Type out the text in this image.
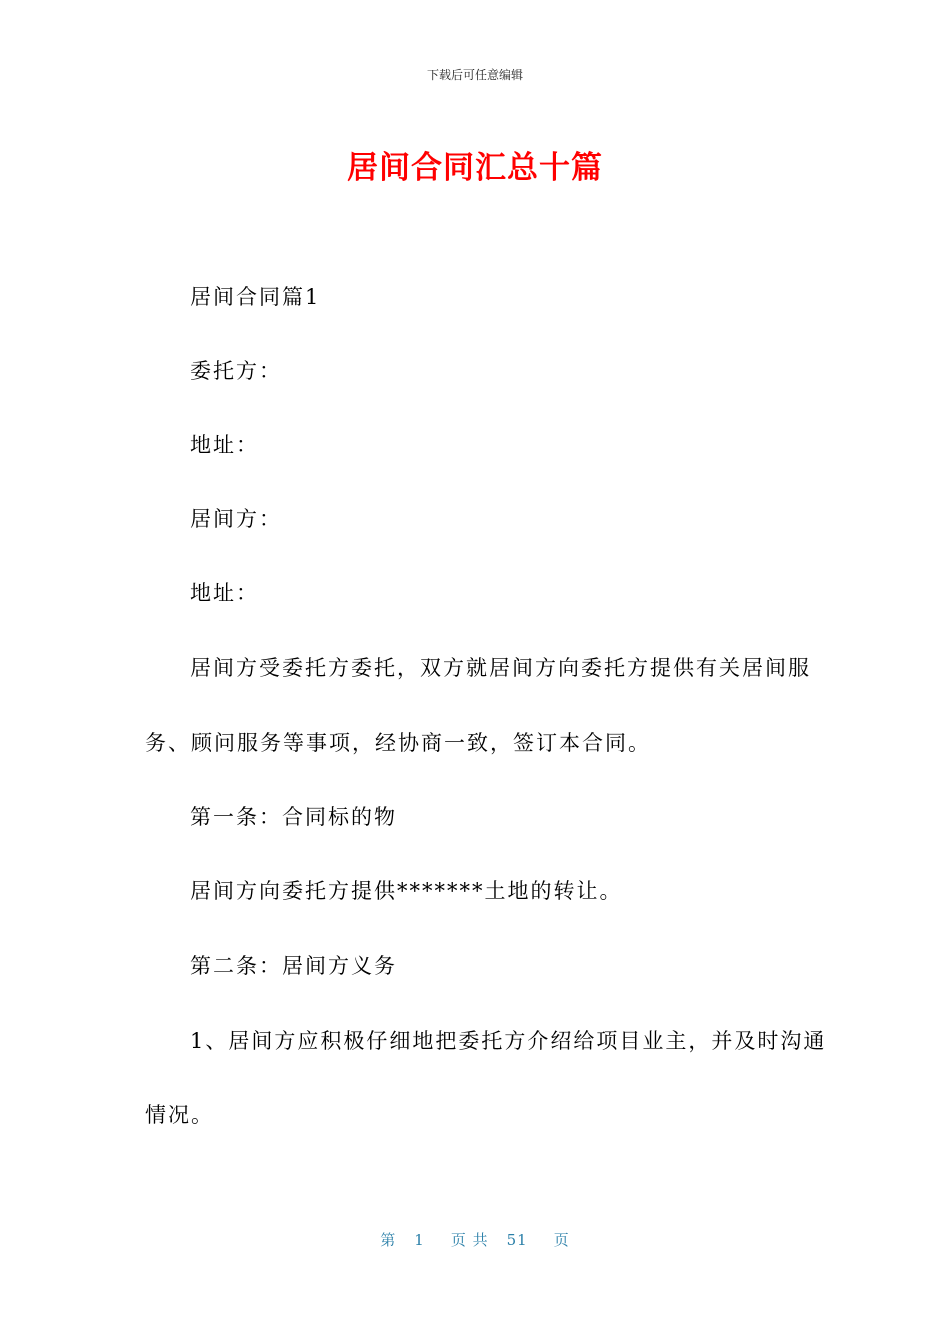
下载后可任意编辑
居间合同汇总十篇
居间合同篇1
委托方：
地址：
居间方：
地址：
居间方受委托方委托，双方就居间方向委托方提供有关居间服
务、顾问服务等事项，经协商一致，签订本合同。
第一条：合同标的物
居间方向委托方提供*******土地的转让。
第二条：居间方义务
1、居间方应积极仔细地把委托方介绍给项目业主，并及时沟通
情况。
第 1 页 共 51 页
